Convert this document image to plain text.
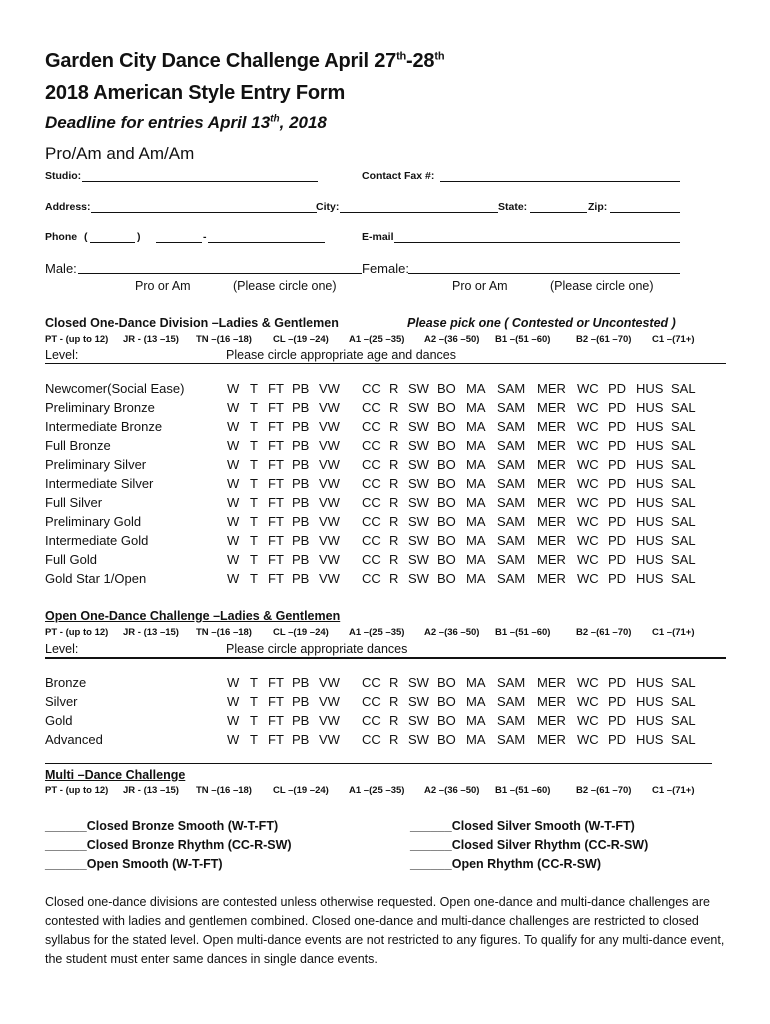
Garden City Dance Challenge April 27th-28th
2018 American Style Entry Form
Deadline for entries April 13th, 2018
Pro/Am and Am/Am
Studio:	Contact Fax #:
Address:	City:	State:	Zip:
Phone (	)	-	E-mail
Male:	Female:
Pro or Am	(Please circle one)	Pro or Am	(Please circle one)
Closed One-Dance Division –Ladies & Gentlemen	Please pick one ( Contested or Uncontested )
PT - (up to 12) JR - (13 –15) TN –(16 –18) CL –(19 –24) A1 –(25 –35) A2 –(36 –50) B1 –(51 –60)	B2 –(61 –70) C1 –(71+)
Level:	Please circle appropriate age and dances
Newcomer(Social Ease)	W T FT PB VW CC R SW BO MA SAM MER WC PD HUS SAL
Preliminary Bronze	W T FT PB VW CC R SW BO MA SAM MER WC PD HUS SAL
Intermediate Bronze	W T FT PB VW CC R SW BO MA SAM MER WC PD HUS SAL
Full Bronze	W T FT PB VW CC R SW BO MA SAM MER WC PD HUS SAL
Preliminary Silver	W T FT PB VW CC R SW BO MA SAM MER WC PD HUS SAL
Intermediate Silver	W T FT PB VW CC R SW BO MA SAM MER WC PD HUS SAL
Full Silver	W T FT PB VW CC R SW BO MA SAM MER WC PD HUS SAL
Preliminary Gold	W T FT PB VW CC R SW BO MA SAM MER WC PD HUS SAL
Intermediate Gold	W T FT PB VW CC R SW BO MA SAM MER WC PD HUS SAL
Full Gold	W T FT PB VW CC R SW BO MA SAM MER WC PD HUS SAL
Gold Star 1/Open	W T FT PB VW CC R SW BO MA SAM MER WC PD HUS SAL
Open One-Dance Challenge –Ladies & Gentlemen
PT - (up to 12) JR - (13 –15) TN –(16 –18) CL –(19 –24) A1 –(25 –35) A2 –(36 –50) B1 –(51 –60)	B2 –(61 –70) C1 –(71+)
Level:	Please circle appropriate dances
Bronze	W T FT PB VW CC R SW BO MA SAM MER WC PD HUS SAL
Silver	W T FT PB VW CC R SW BO MA SAM MER WC PD HUS SAL
Gold	W T FT PB VW CC R SW BO MA SAM MER WC PD HUS SAL
Advanced	W T FT PB VW CC R SW BO MA SAM MER WC PD HUS SAL
Multi –Dance Challenge
PT - (up to 12) JR - (13 –15) TN –(16 –18) CL –(19 –24) A1 –(25 –35) A2 –(36 –50) B1 –(51 –60)	B2 –(61 –70) C1 –(71+)
______Closed Bronze Smooth (W-T-FT)
______Closed Bronze Rhythm (CC-R-SW)
______Open Smooth (W-T-FT)
______Closed Silver Smooth (W-T-FT)
______Closed Silver Rhythm (CC-R-SW)
______Open Rhythm (CC-R-SW)
Closed one-dance divisions are contested unless otherwise requested. Open one-dance and multi-dance challenges are contested with ladies and gentlemen combined. Closed one-dance and multi-dance challenges are restricted to closed syllabus for the stated level. Open multi-dance events are not restricted to any figures. To qualify for any multi-dance event, the student must enter same dances in single dance events.
